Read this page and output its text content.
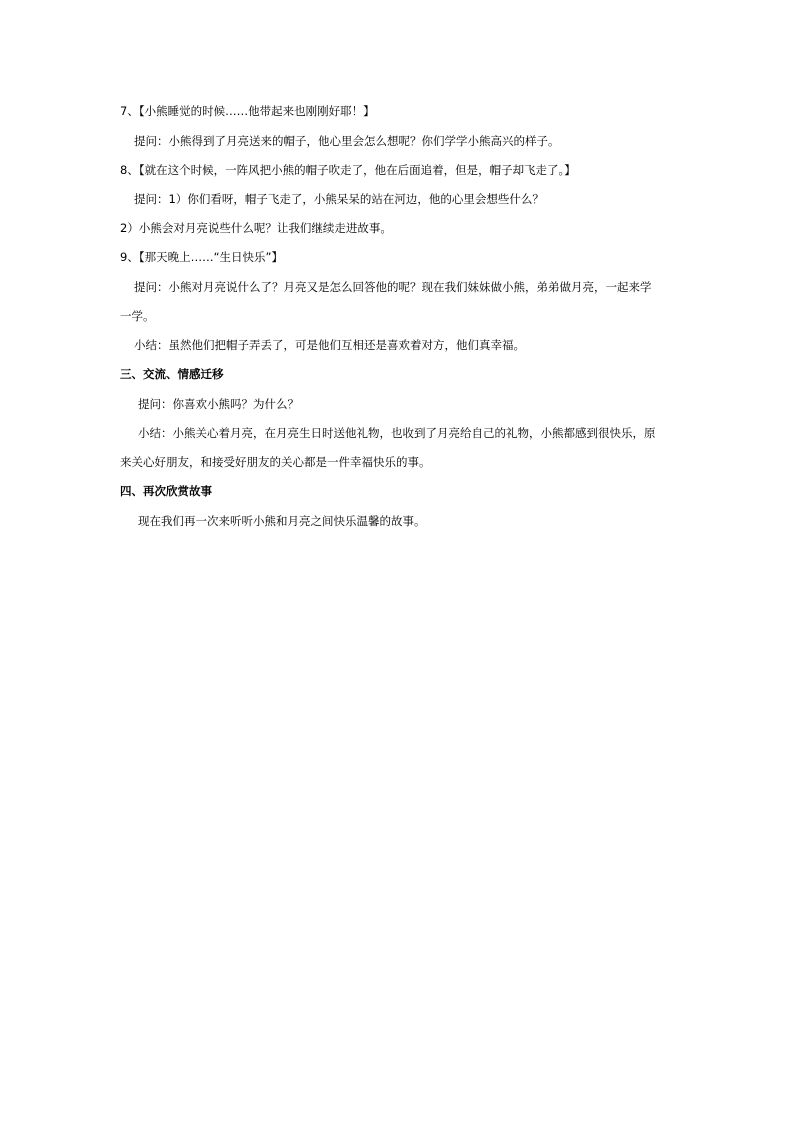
7、【小熊睡觉的时候……他带起来也刚刚好耶！】
提问：小熊得到了月亮送来的帽子，他心里会怎么想呢？你们学学小熊高兴的样子。
8、【就在这个时候，一阵风把小熊的帽子吹走了，他在后面追着，但是，帽子却飞走了。】
提问：1）你们看呀，帽子飞走了，小熊呆呆的站在河边，他的心里会想些什么？
2）小熊会对月亮说些什么呢？让我们继续走进故事。
9、【那天晚上……“生日快乐”】
提问：小熊对月亮说什么了？月亮又是怎么回答他的呢？现在我们妹妹做小熊，弟弟做月亮，一起来学
一学。
小结：虽然他们把帽子弄丢了，可是他们互相还是喜欢着对方，他们真幸福。
三、交流、情感迁移
提问：你喜欢小熊吗？为什么？
小结：小熊关心着月亮，在月亮生日时送他礼物，也收到了月亮给自己的礼物，小熊都感到很快乐，原
来关心好朋友，和接受好朋友的关心都是一件幸福快乐的事。
四、再次欣赏故事
现在我们再一次来听听小熊和月亮之间快乐温馨的故事。
